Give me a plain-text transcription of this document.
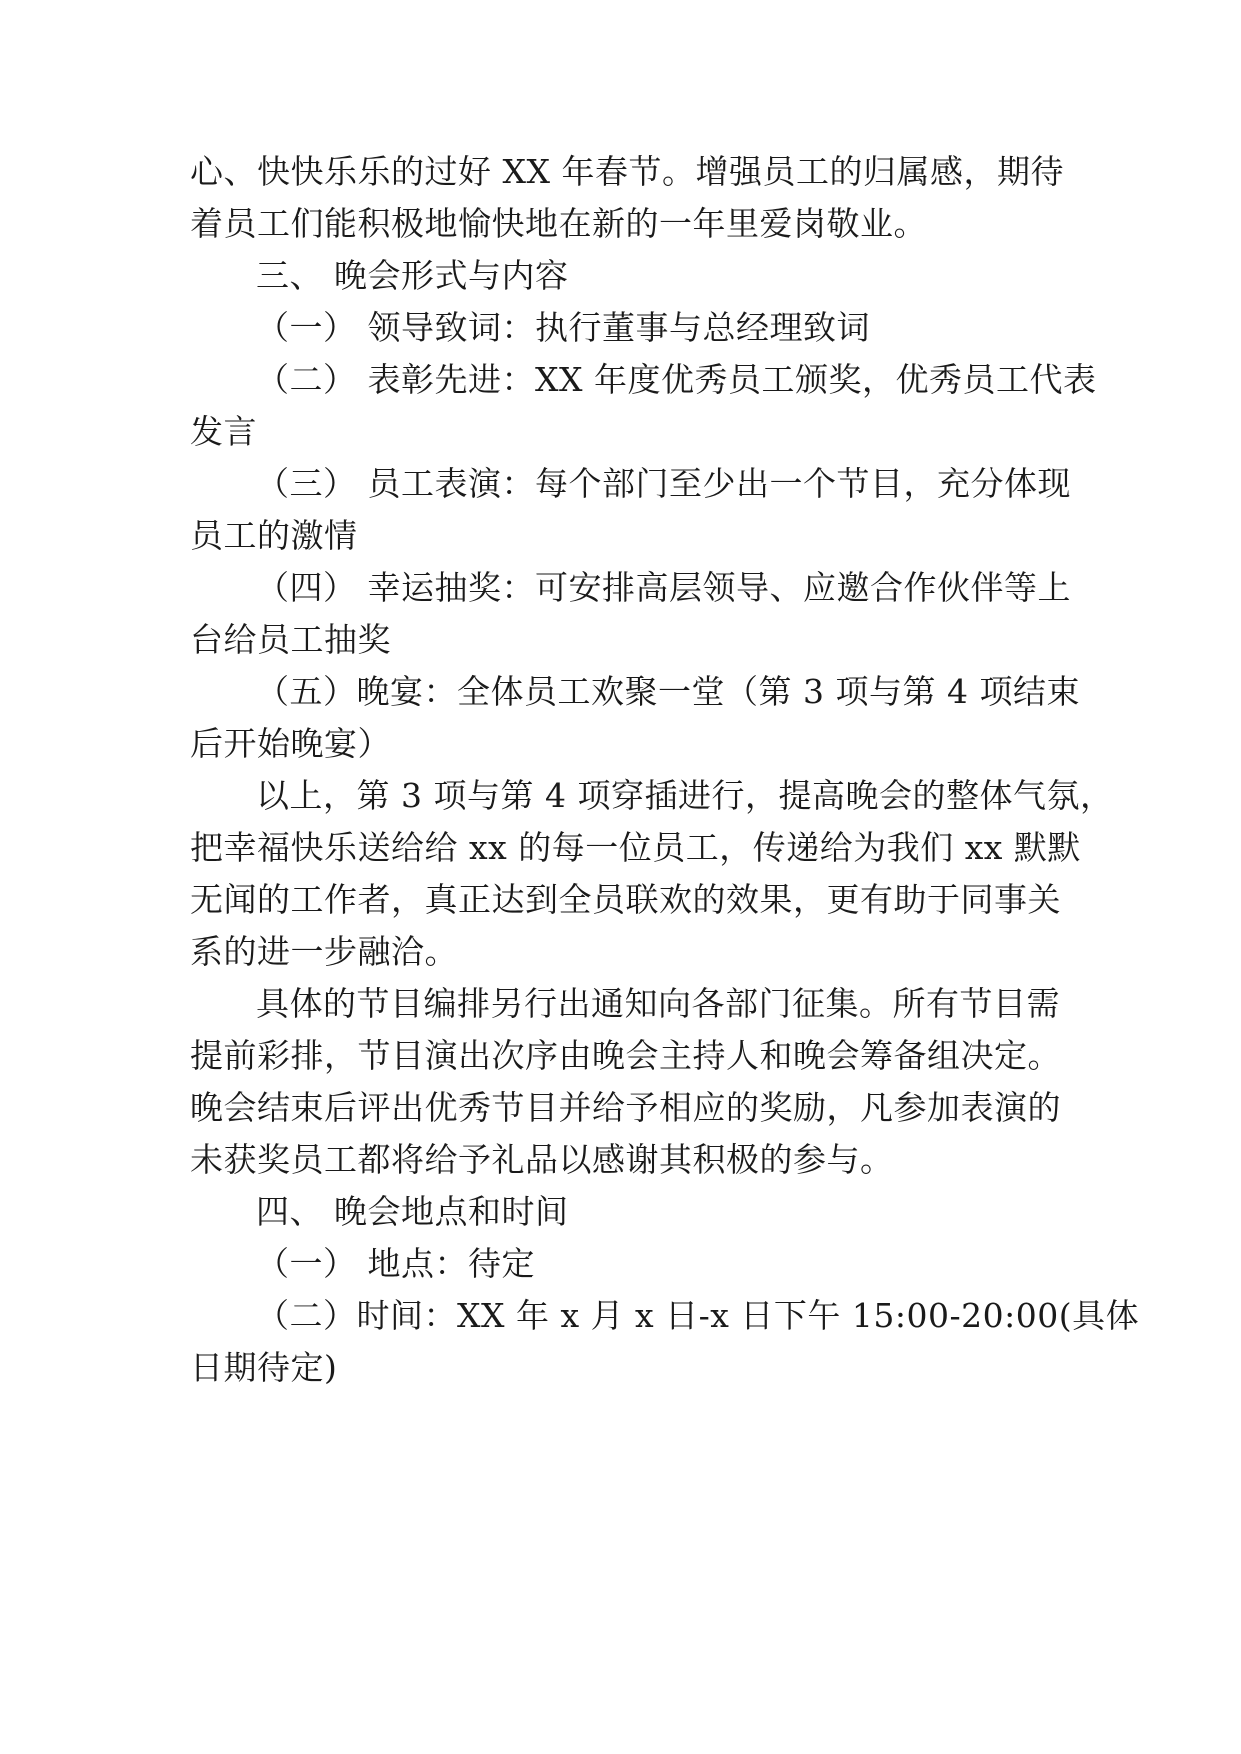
心、快快乐乐的过好 XX 年春节。增强员工的归属感，期待
着员工们能积极地愉快地在新的一年里爱岗敬业。
三、 晚会形式与内容
（一） 领导致词：执行董事与总经理致词
（二） 表彰先进：XX 年度优秀员工颁奖，优秀员工代表
发言
（三） 员工表演：每个部门至少出一个节目，充分体现
员工的激情
（四） 幸运抽奖：可安排高层领导、应邀合作伙伴等上
台给员工抽奖
（五）晚宴：全体员工欢聚一堂（第 3 项与第 4 项结束
后开始晚宴）
以上，第 3 项与第 4 项穿插进行，提高晚会的整体气氛，
把幸福快乐送给给 xx 的每一位员工，传递给为我们 xx 默默
无闻的工作者，真正达到全员联欢的效果，更有助于同事关
系的进一步融洽。
具体的节目编排另行出通知向各部门征集。所有节目需
提前彩排，节目演出次序由晚会主持人和晚会筹备组决定。
晚会结束后评出优秀节目并给予相应的奖励，凡参加表演的
未获奖员工都将给予礼品以感谢其积极的参与。
四、 晚会地点和时间
（一） 地点：待定
（二）时间：XX 年 x 月 x 日-x 日下午 15:00-20:00(具体
日期待定)
